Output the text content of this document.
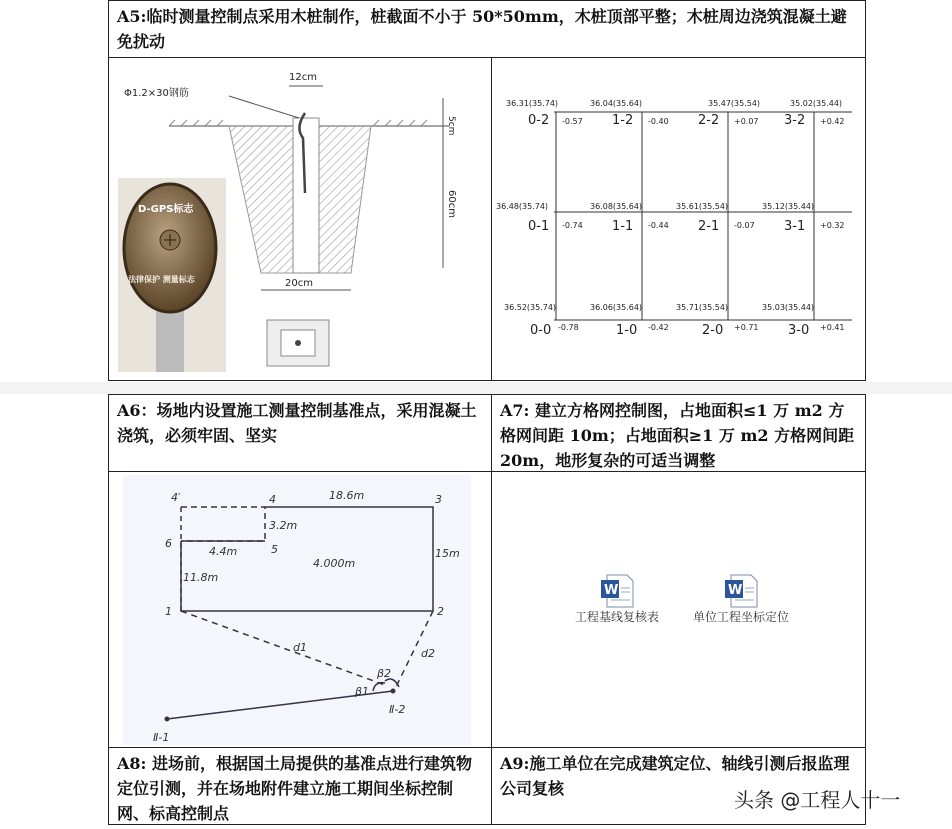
A5:临时测量控制点采用木桩制作，桩截面不小于 50*50mm，木桩顶部平整；木桩周边浇筑混凝土避免扰动
12cm
Φ1.2×30钢筋
5cm
60cm
20cm
D-GPS标志
法律保护 测量标志
36.31(35.74)
0-2 -0.57
36.04(35.64)
1-2 -0.40
35.47(35.54)
2-2 +0.07
35.02(35.44)
3-2 +0.42
36.48(35.74)
0-1 -0.74
36.08(35.64)
1-1 -0.44
35.61(35.54)
2-1 -0.07
35.12(35.44)
3-1 +0.32
36.52(35.74)
0-0 -0.78
36.06(35.64)
1-0 -0.42
35.71(35.54)
2-0 +0.71
35.03(35.44)
3-0 +0.41
A6：场地内设置施工测量控制基准点，采用混凝土浇筑，必须牢固、坚实
A7: 建立方格网控制图，占地面积≤1 万 m2 方格网间距 10m；占地面积≥1 万 m2 方格网间距 20m，地形复杂的可适当调整
4′	4	3
6	5
1	2
Ⅱ-1
Ⅱ-2
18.6m
3.2m
4.4m	15m
11.8m
4.000m
d1	d2
β1
β2
W
工程基线复核表
W
单位工程坐标定位
A8: 进场前，根据国土局提供的基准点进行建筑物定位引测，并在场地附件建立施工期间坐标控制网、标高控制点
A9:施工单位在完成建筑定位、轴线引测后报监理公司复核	头条 @工程人十一
